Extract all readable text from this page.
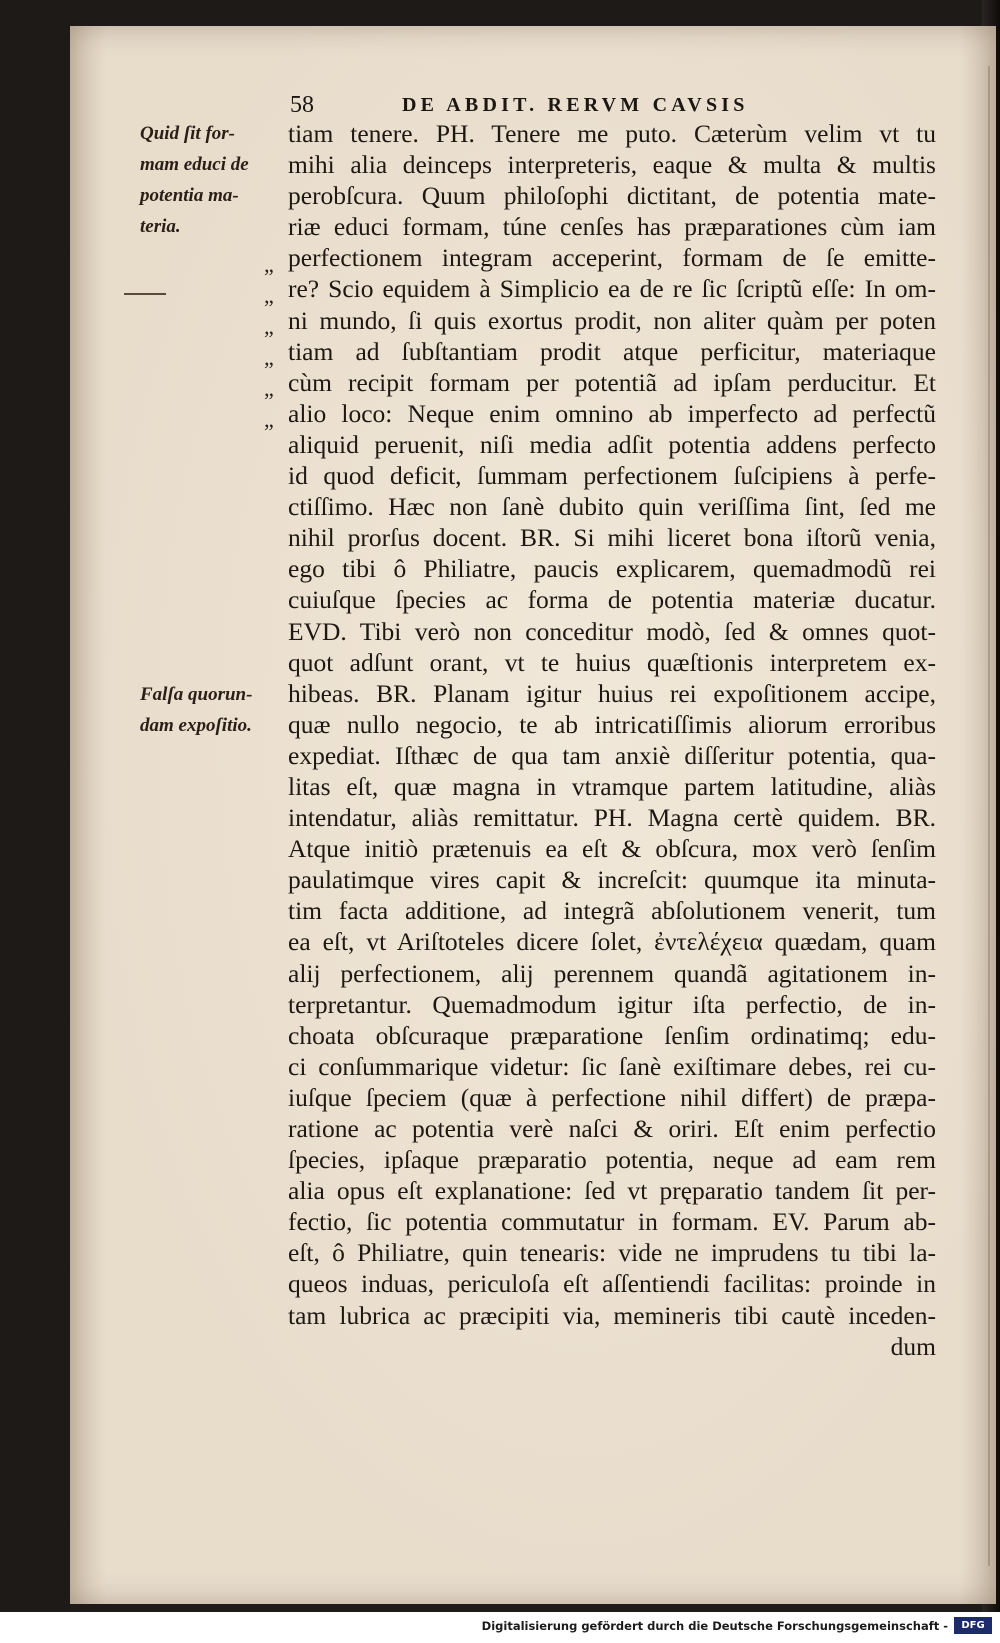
58	DE ABDIT. RERVM CAVSIS
Quid ſit for-
mam educi de
potentia ma-
teria.
Falſa quorun-
dam expoſitio.
„
„
„
„
„
„
tiam tenere. PH. Tenere me puto. Cæterùm velim vt tu
mihi alia deinceps interpreteris, eaque & multa & multis
perobſcura. Quum philoſophi dictitant, de potentia mate-
riæ educi formam, túne cenſes has præparationes cùm iam
perfectionem integram acceperint, formam de ſe emitte-
re? Scio equidem à Simplicio ea de re ſic ſcriptũ eſſe: In om-
ni mundo, ſi quis exortus prodit, non aliter quàm per poten
tiam ad ſubſtantiam prodit atque perficitur, materiaque
cùm recipit formam per potentiã ad ipſam perducitur. Et
alio loco: Neque enim omnino ab imperfecto ad perfectũ
aliquid peruenit, niſi media adſit potentia addens perfecto
id quod deficit, ſummam perfectionem ſuſcipiens à perfe-
ctiſſimo. Hæc non ſanè dubito quin veriſſima ſint, ſed me
nihil prorſus docent. BR. Si mihi liceret bona iſtorũ venia,
ego tibi ô Philiatre, paucis explicarem, quemadmodũ rei
cuiuſque ſpecies ac forma de potentia materiæ ducatur.
EVD. Tibi verò non conceditur modò, ſed & omnes quot-
quot adſunt orant, vt te huius quæſtionis interpretem ex-
hibeas. BR. Planam igitur huius rei expoſitionem accipe,
quæ nullo negocio, te ab intricatiſſimis aliorum erroribus
expediat. Iſthæc de qua tam anxiè diſſeritur potentia, qua-
litas eſt, quæ magna in vtramque partem latitudine, aliàs
intendatur, aliàs remittatur. PH. Magna certè quidem. BR.
Atque initiò prætenuis ea eſt & obſcura, mox verò ſenſim
paulatimque vires capit & increſcit: quumque ita minuta-
tim facta additione, ad integrã abſolutionem venerit, tum
ea eſt, vt Ariſtoteles dicere ſolet, ἐντελέχεια quædam, quam
alij perfectionem, alij perennem quandã agitationem in-
terpretantur. Quemadmodum igitur iſta perfectio, de in-
choata obſcuraque præparatione ſenſim ordinatimq; edu-
ci conſummarique videtur: ſic ſanè exiſtimare debes, rei cu-
iuſque ſpeciem (quæ à perfectione nihil differt) de præpa-
ratione ac potentia verè naſci & oriri. Eſt enim perfectio
ſpecies, ipſaque præparatio potentia, neque ad eam rem
alia opus eſt explanatione: ſed vt pręparatio tandem ſit per-
fectio, ſic potentia commutatur in formam. EV. Parum ab-
eſt, ô Philiatre, quin tenearis: vide ne imprudens tu tibi la-
queos induas, periculoſa eſt aſſentiendi facilitas: proinde in
tam lubrica ac præcipiti via, memineris tibi cautè inceden-
dum
Digitalisierung gefördert durch die Deutsche Forschungsgemeinschaft -	DFG
